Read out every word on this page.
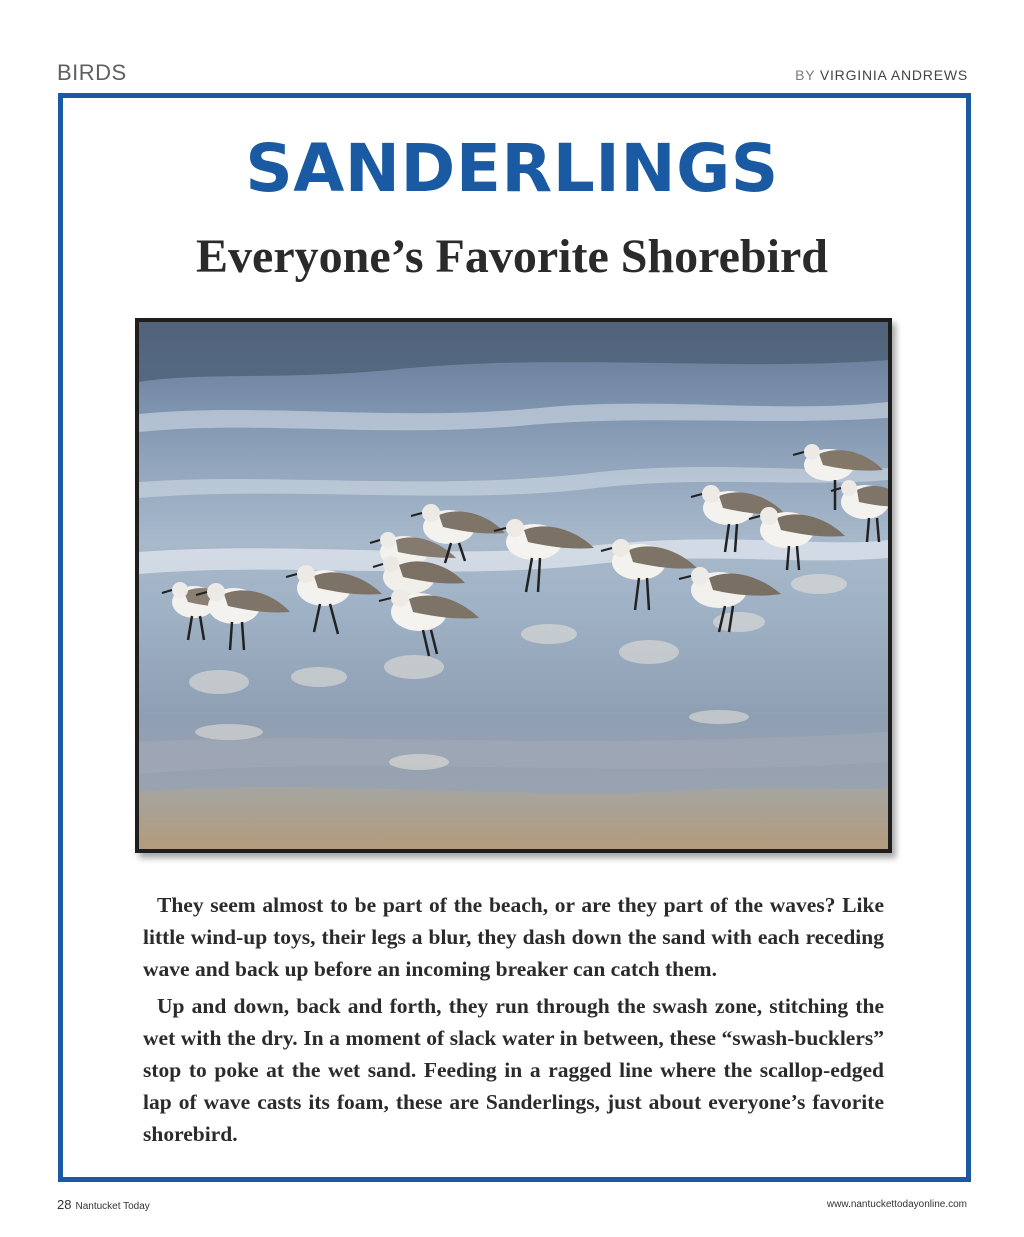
BIRDS	BY VIRGINIA ANDREWS
SANDERLINGS
Everyone’s Favorite Shorebird

They seem almost to be part of the beach, or are they part of the waves? Like little wind-up toys, their legs a blur, they dash down the sand with each receding wave and back up before an incoming breaker can catch them.

Up and down, back and forth, they run through the swash zone, stitching the wet with the dry. In a moment of slack water in between, these “swash-bucklers” stop to poke at the wet sand. Feeding in a ragged line where the scallop-edged lap of wave casts its foam, these are Sanderlings, just about everyone’s favorite shorebird.

28 Nantucket Today	www.nantuckettodayonline.com
